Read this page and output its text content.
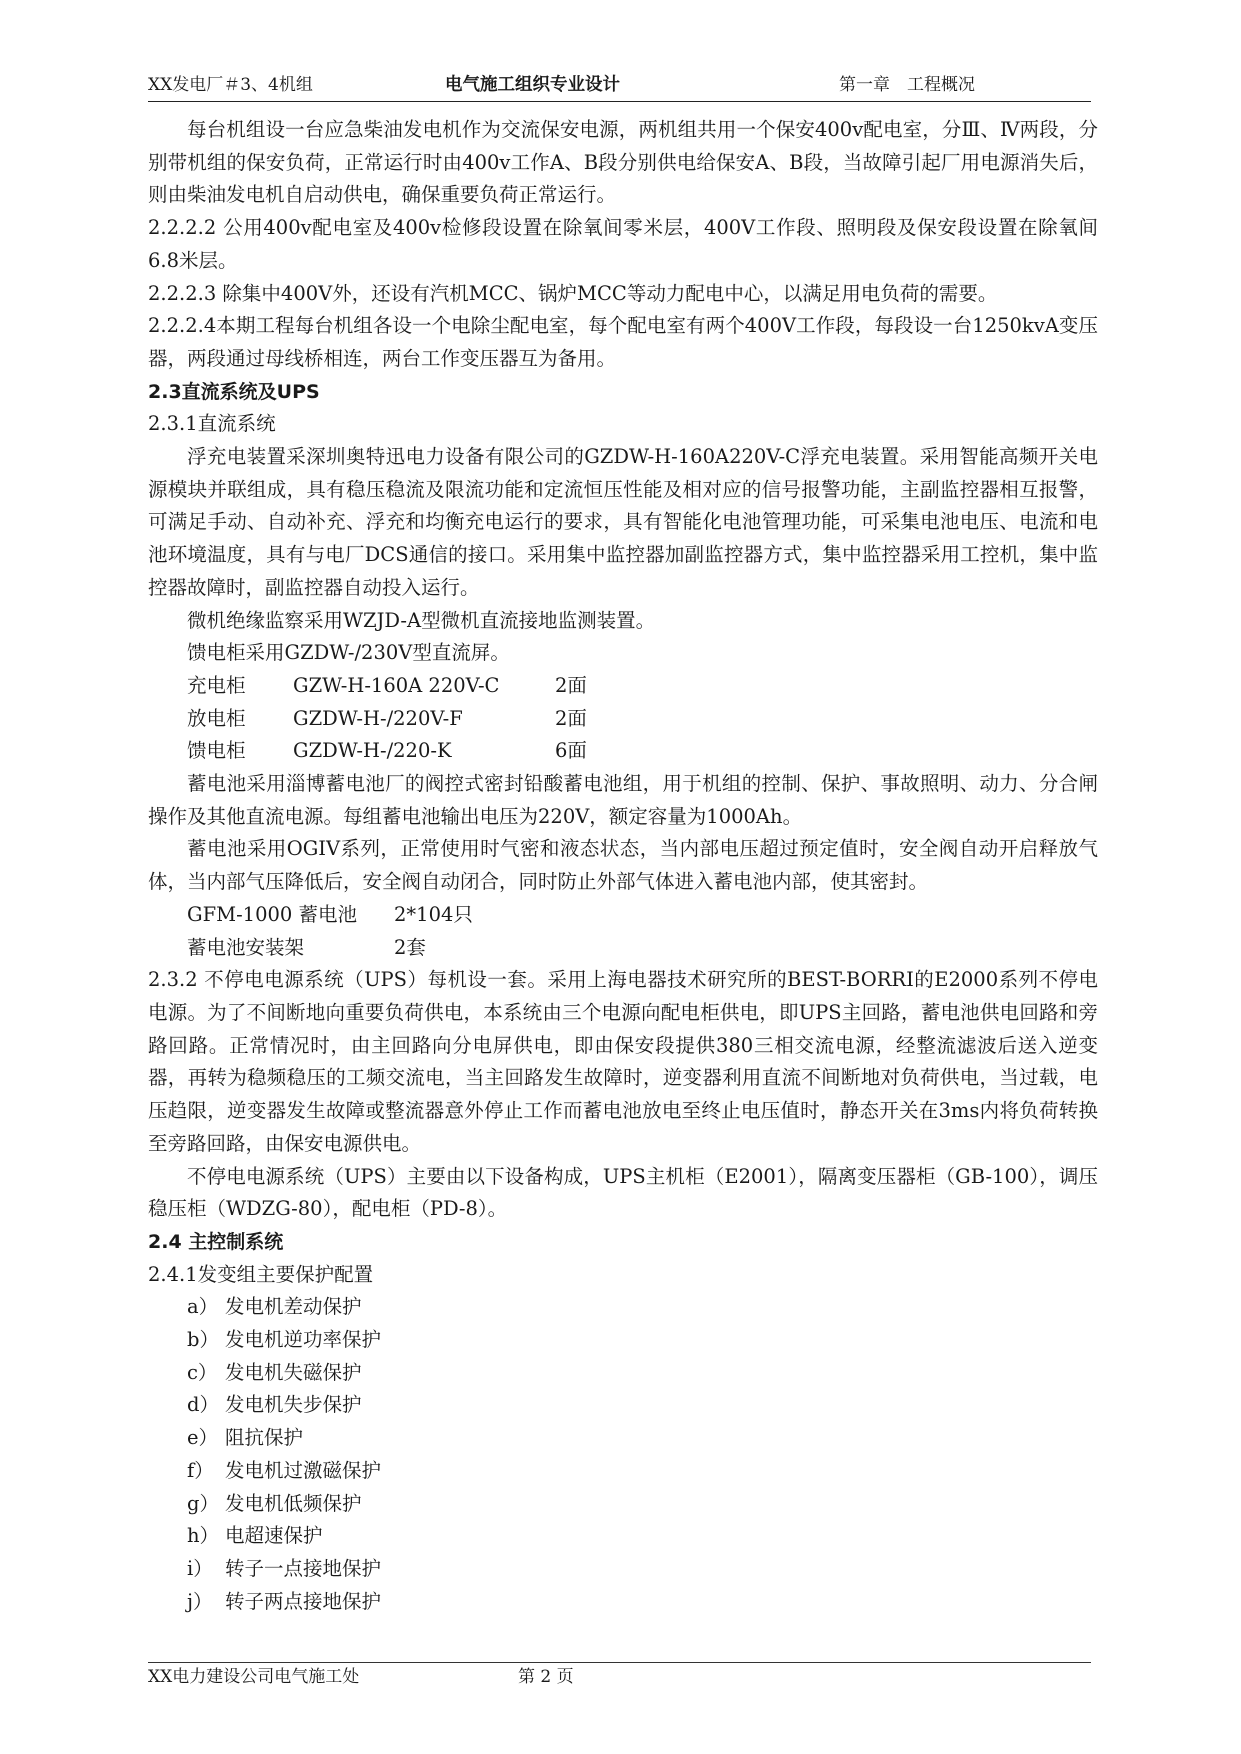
XX发电厂＃3、4机组	电气施工组织专业设计	第一章　工程概况

每台机组设一台应急柴油发电机作为交流保安电源，两机组共用一个保安400v配电室，分Ⅲ、Ⅳ两段，分别带机组的保安负荷，正常运行时由400v工作A、B段分别供电给保安A、B段，当故障引起厂用电源消失后，则由柴油发电机自启动供电，确保重要负荷正常运行。

2.2.2.2 公用400v配电室及400v检修段设置在除氧间零米层，400V工作段、照明段及保安段设置在除氧间6.8米层。

2.2.2.3 除集中400V外，还设有汽机MCC、锅炉MCC等动力配电中心，以满足用电负荷的需要。

2.2.2.4本期工程每台机组各设一个电除尘配电室，每个配电室有两个400V工作段，每段设一台1250kvA变压器，两段通过母线桥相连，两台工作变压器互为备用。

2.3直流系统及UPS

2.3.1直流系统

浮充电装置采深圳奥特迅电力设备有限公司的GZDW-H-160A220V-C浮充电装置。采用智能高频开关电源模块并联组成，具有稳压稳流及限流功能和定流恒压性能及相对应的信号报警功能，主副监控器相互报警，可满足手动、自动补充、浮充和均衡充电运行的要求，具有智能化电池管理功能，可采集电池电压、电流和电池环境温度，具有与电厂DCS通信的接口。采用集中监控器加副监控器方式，集中监控器采用工控机，集中监控器故障时，副监控器自动投入运行。

微机绝缘监察采用WZJD-A型微机直流接地监测装置。

馈电柜采用GZDW-/230V型直流屏。

充电柜	GZW-H-160A 220V-C	2面
放电柜	GZDW-H-/220V-F	2面
馈电柜	GZDW-H-/220-K	6面

蓄电池采用淄博蓄电池厂的阀控式密封铅酸蓄电池组，用于机组的控制、保护、事故照明、动力、分合闸操作及其他直流电源。每组蓄电池输出电压为220V，额定容量为1000Ah。

蓄电池采用OGIV系列，正常使用时气密和液态状态，当内部电压超过预定值时，安全阀自动开启释放气体，当内部气压降低后，安全阀自动闭合，同时防止外部气体进入蓄电池内部，使其密封。

GFM-1000 蓄电池	2*104只
蓄电池安装架	2套

2.3.2 不停电电源系统（UPS）每机设一套。采用上海电器技术研究所的BEST-BORRI的E2000系列不停电电源。为了不间断地向重要负荷供电，本系统由三个电源向配电柜供电，即UPS主回路，蓄电池供电回路和旁路回路。正常情况时，由主回路向分电屏供电，即由保安段提供380三相交流电源，经整流滤波后送入逆变器，再转为稳频稳压的工频交流电，当主回路发生故障时，逆变器利用直流不间断地对负荷供电，当过载，电压趋限，逆变器发生故障或整流器意外停止工作而蓄电池放电至终止电压值时，静态开关在3ms内将负荷转换至旁路回路，由保安电源供电。

不停电电源系统（UPS）主要由以下设备构成，UPS主机柜（E2001），隔离变压器柜（GB-100），调压稳压柜（WDZG-80），配电柜（PD-8）。

2.4 主控制系统

2.4.1发变组主要保护配置

a） 发电机差动保护
b） 发电机逆功率保护
c） 发电机失磁保护
d） 发电机失步保护
e） 阻抗保护
f） 发电机过激磁保护
g） 发电机低频保护
h） 电超速保护
i） 转子一点接地保护
j） 转子两点接地保护
XX电力建设公司电气施工处	第 2 页
